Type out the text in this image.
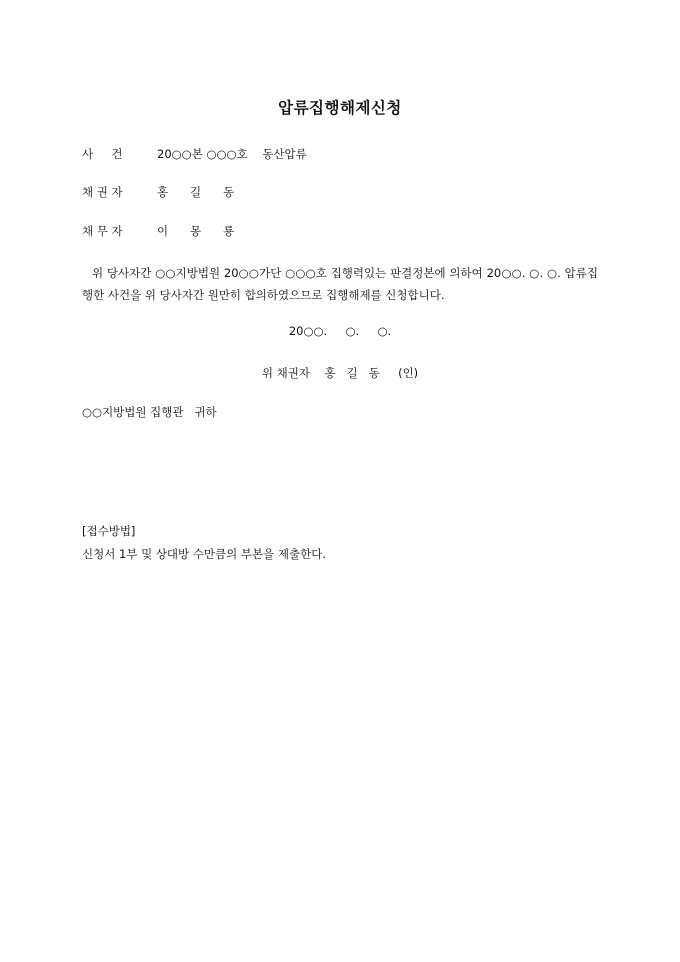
압류집행해제신청
사     건	20○○본 ○○○호    동산압류
채 권 자	홍      길      동
채 무 자	이      몽      룡
위 당사자간 ○○지방법원 20○○가단 ○○○호 집행력있는 판결정본에 의하여 20○○. ○. ○. 압류집행한 사건을 위 당사자간 원만히 합의하였으므로 집행해제를 신청합니다.
20○○.     ○.     ○.
위 채권자    홍   길   동     (인)
○○지방법원 집행관   귀하
[접수방법]
신청서 1부 및 상대방 수만큼의 부본을 제출한다.
